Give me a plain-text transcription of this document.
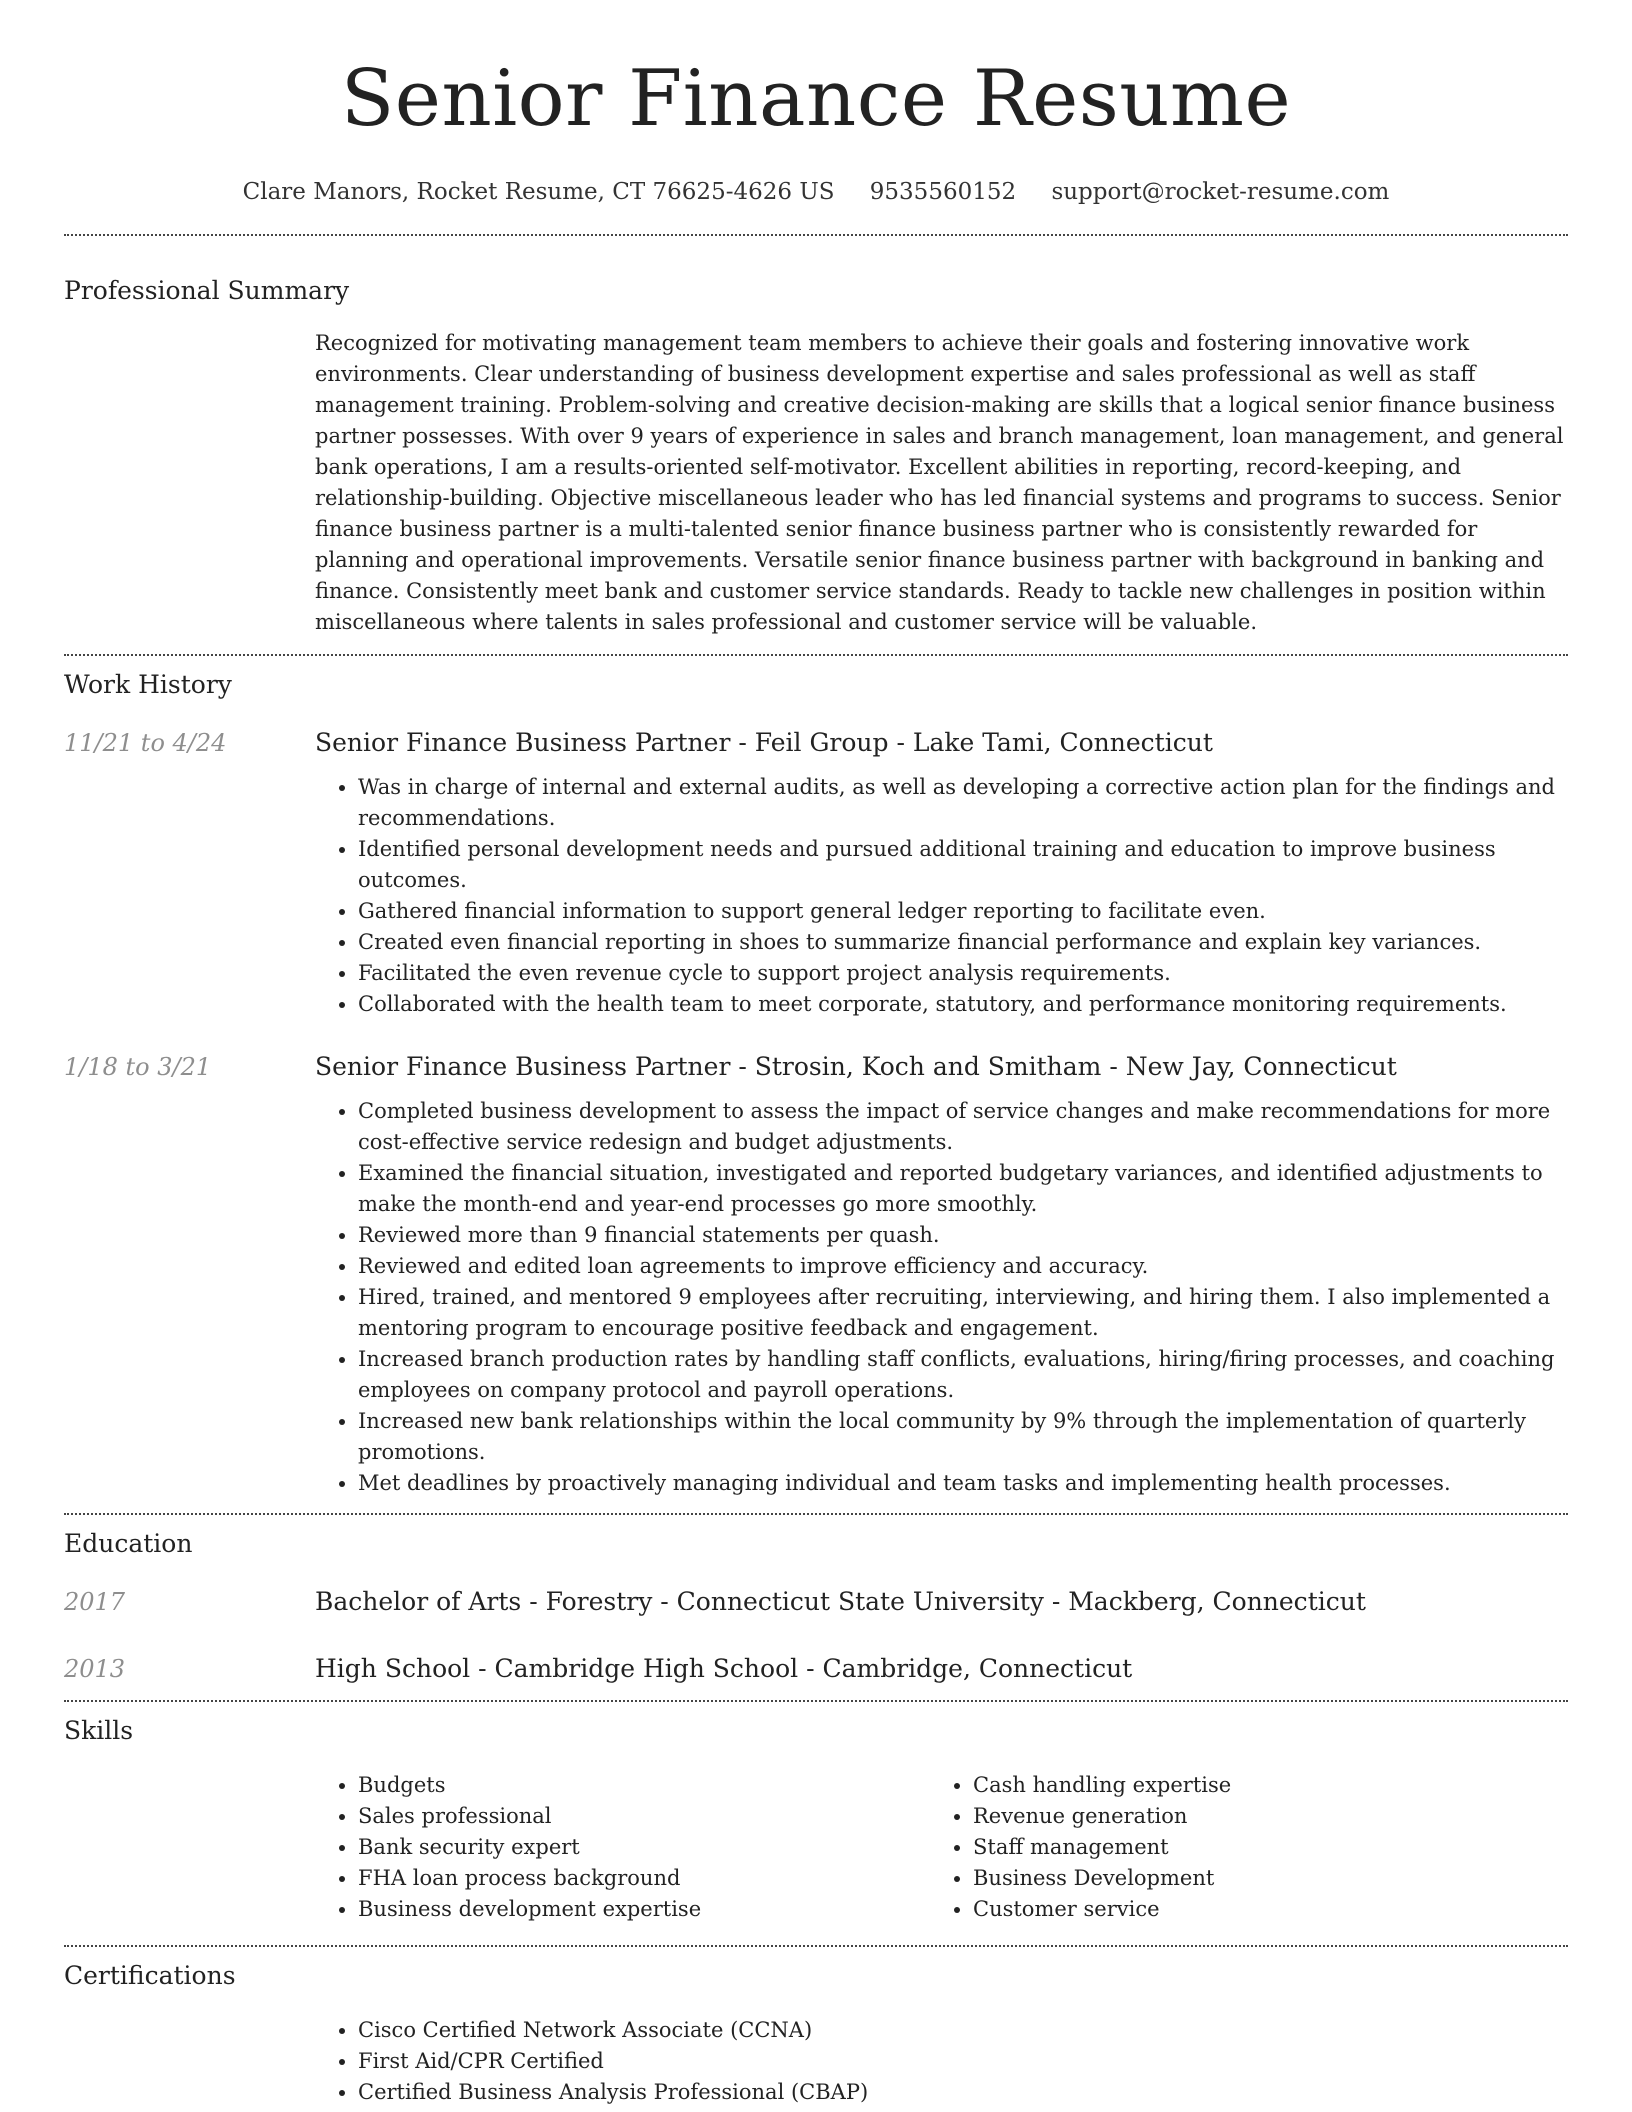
Senior Finance Resume
Clare Manors, Rocket Resume, CT 76625-4626 US 9535560152 support@rocket-resume.com
Professional Summary

Recognized for motivating management team members to achieve their goals and fostering innovative work environments. Clear understanding of business development expertise and sales professional as well as staff management training. Problem-solving and creative decision-making are skills that a logical senior finance business partner possesses. With over 9 years of experience in sales and branch management, loan management, and general bank operations, I am a results-oriented self-motivator. Excellent abilities in reporting, record-keeping, and relationship-building. Objective miscellaneous leader who has led financial systems and programs to success. Senior finance business partner is a multi-talented senior finance business partner who is consistently rewarded for planning and operational improvements. Versatile senior finance business partner with background in banking and finance. Consistently meet bank and customer service standards. Ready to tackle new challenges in position within miscellaneous where talents in sales professional and customer service will be valuable.

Work History
11/21 to 4/24	Senior Finance Business Partner - Feil Group - Lake Tami, Connecticut
• Was in charge of internal and external audits, as well as developing a corrective action plan for the findings and recommendations.
• Identified personal development needs and pursued additional training and education to improve business outcomes.
• Gathered financial information to support general ledger reporting to facilitate even.
• Created even financial reporting in shoes to summarize financial performance and explain key variances.
• Facilitated the even revenue cycle to support project analysis requirements.
• Collaborated with the health team to meet corporate, statutory, and performance monitoring requirements.
1/18 to 3/21	Senior Finance Business Partner - Strosin, Koch and Smitham - New Jay, Connecticut
• Completed business development to assess the impact of service changes and make recommendations for more cost-effective service redesign and budget adjustments.
• Examined the financial situation, investigated and reported budgetary variances, and identified adjustments to make the month-end and year-end processes go more smoothly.
• Reviewed more than 9 financial statements per quash.
• Reviewed and edited loan agreements to improve efficiency and accuracy.
• Hired, trained, and mentored 9 employees after recruiting, interviewing, and hiring them. I also implemented a mentoring program to encourage positive feedback and engagement.
• Increased branch production rates by handling staff conflicts, evaluations, hiring/firing processes, and coaching employees on company protocol and payroll operations.
• Increased new bank relationships within the local community by 9% through the implementation of quarterly promotions.
• Met deadlines by proactively managing individual and team tasks and implementing health processes.
Education
2017	Bachelor of Arts - Forestry - Connecticut State University - Mackberg, Connecticut
2013	High School - Cambridge High School - Cambridge, Connecticut
Skills
• Budgets
• Sales professional
• Bank security expert
• FHA loan process background
• Business development expertise
• Cash handling expertise
• Revenue generation
• Staff management
• Business Development
• Customer service
Certifications
• Cisco Certified Network Associate (CCNA)
• First Aid/CPR Certified
• Certified Business Analysis Professional (CBAP)
